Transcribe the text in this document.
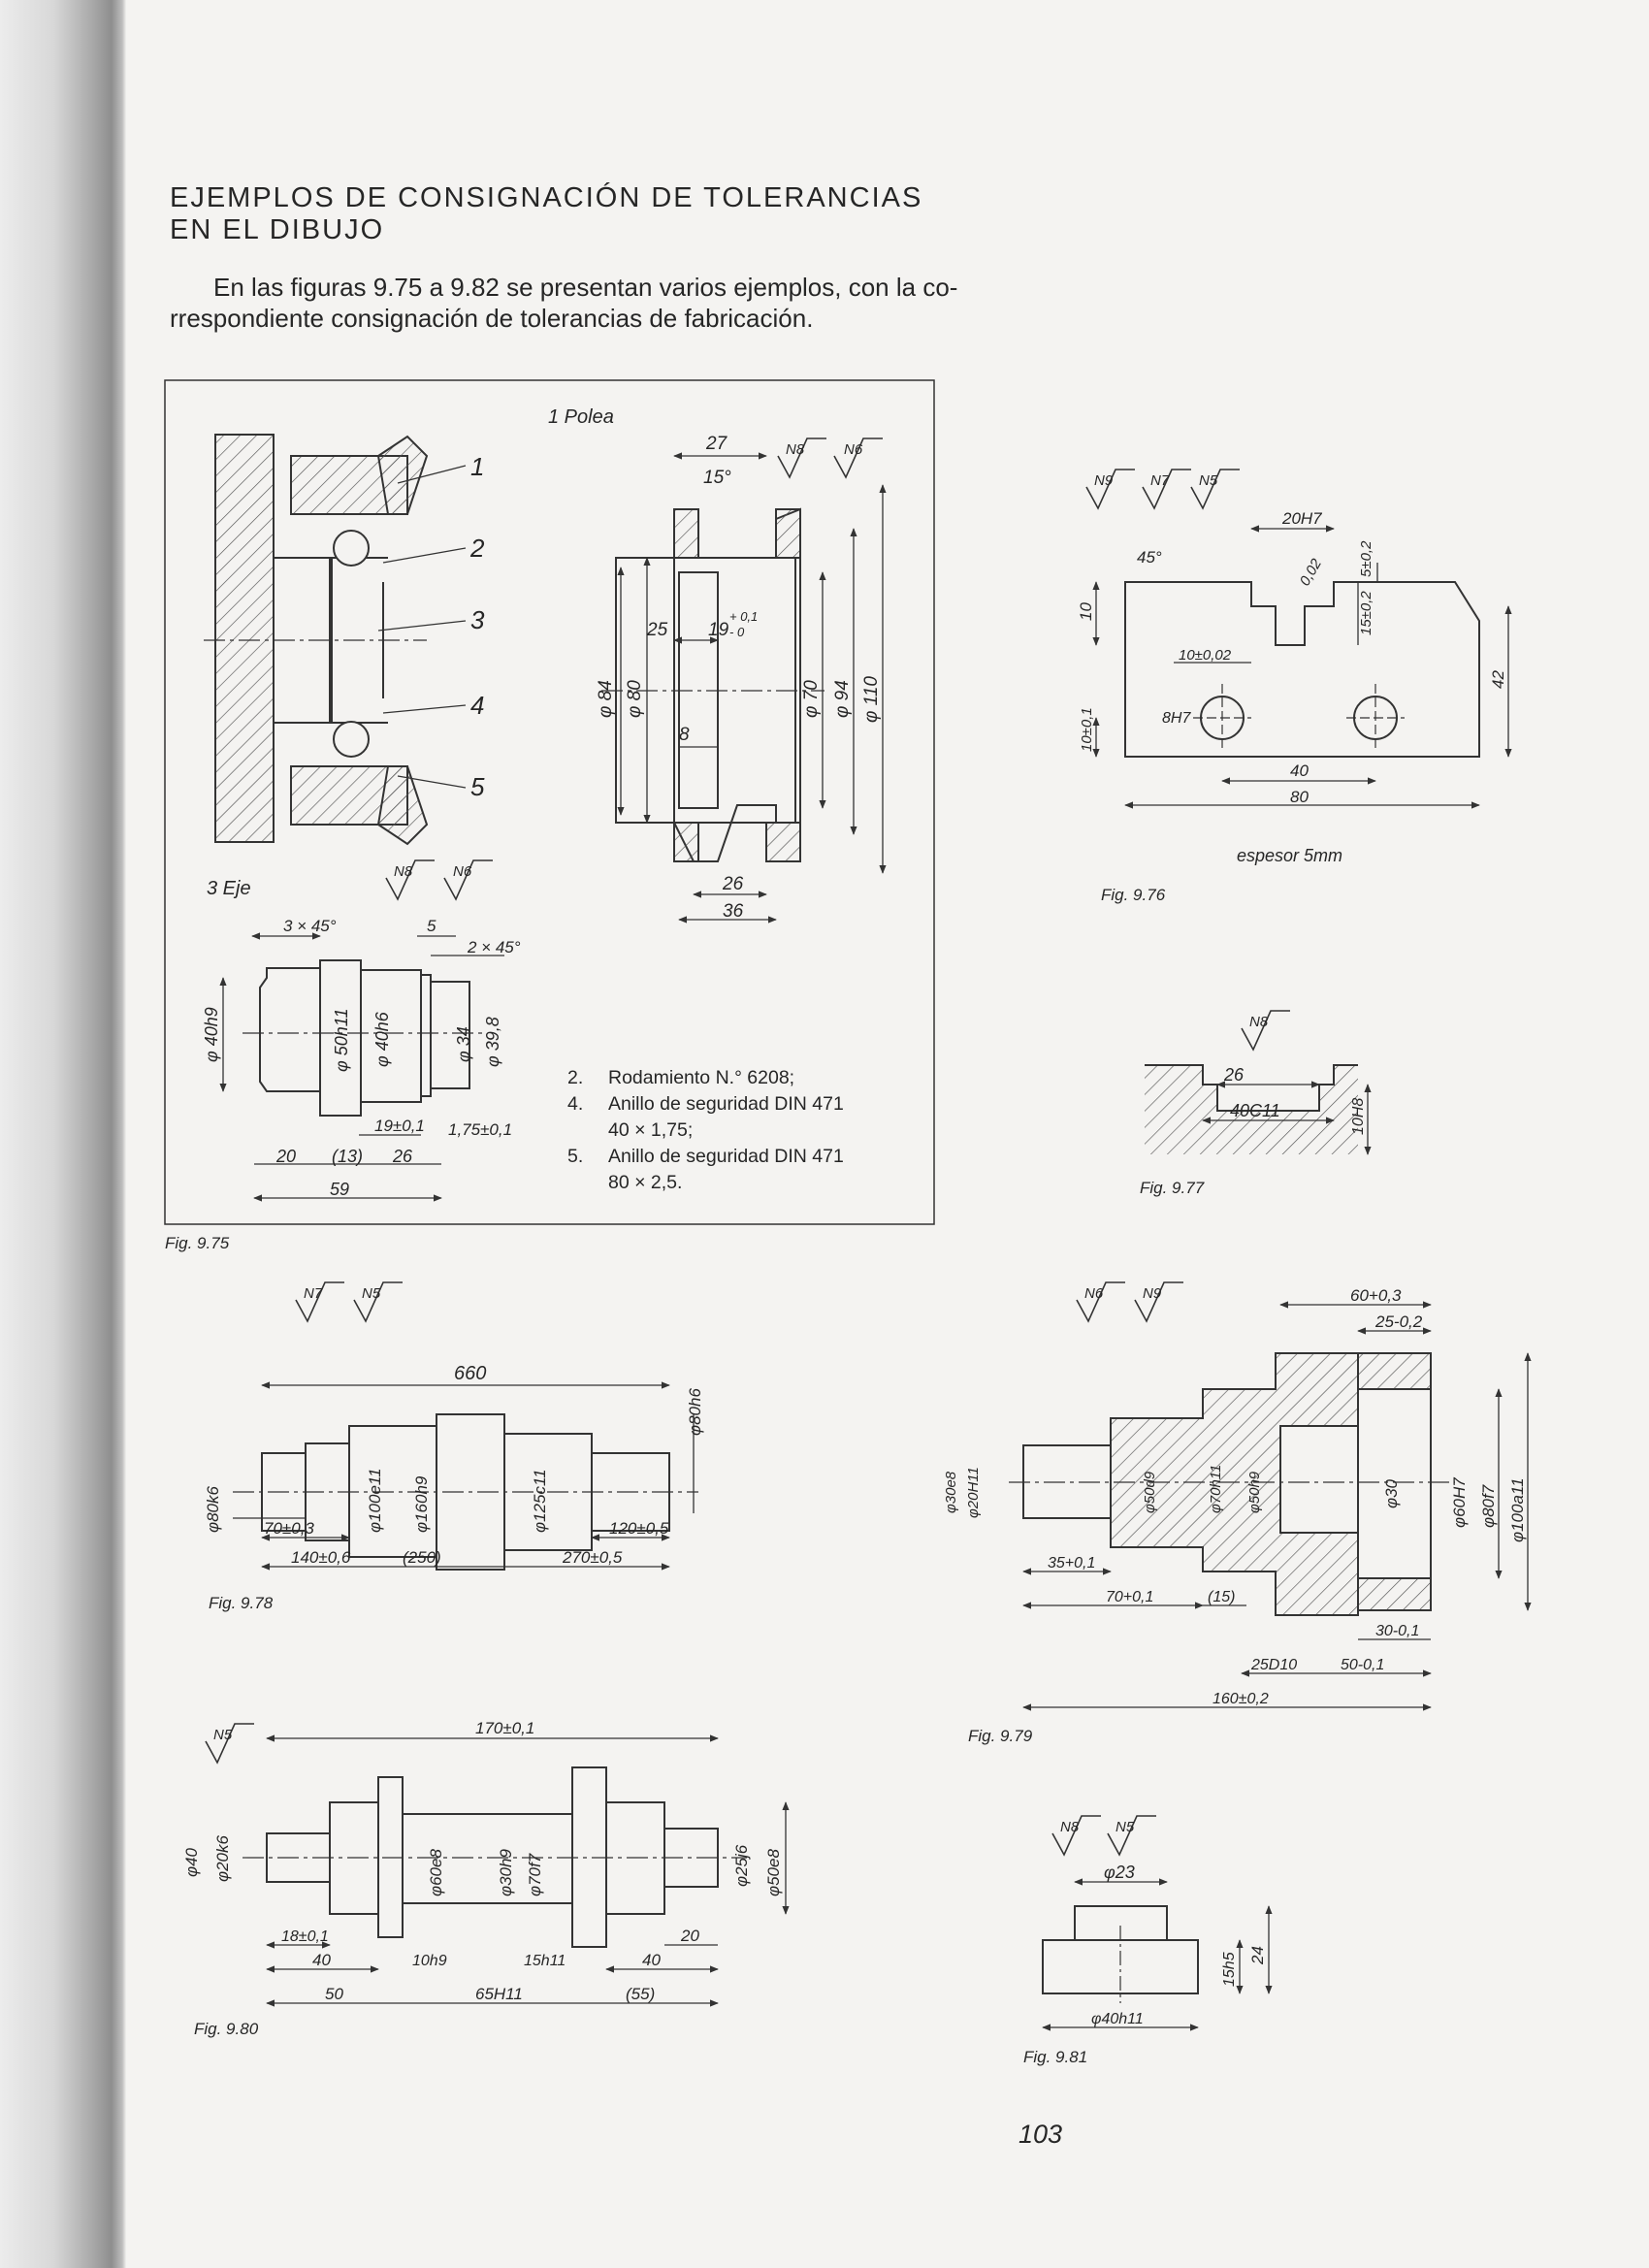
EJEMPLOS DE CONSIGNACIÓN DE TOLERANCIAS
EN EL DIBUJO

En las figuras 9.75 a 9.82 se presentan varios ejemplos, con la co-
rrespondiente consignación de tolerancias de fabricación.

1 Polea
1
2
3
4
5
27
15°
25 19
+ 0,1
- 0
8
φ 84 φ 80	φ 70 φ 94 φ 110
26
36
3 Eje
3 × 45°	5
2 × 45°
φ 40h9	φ 50h11 φ 40h6	φ 34 φ 39,8
19±0,1 1,75±0,1
20 (13) 26
59
Fig. 9.75
20H7
45°	0,02 5±0,2
15±0,2
10
10±0,02
8H7
10±0,1
42
40
80
espesor 5mm
Fig. 9.76
26
40C11	10H8
Fig. 9.77
660
φ80h6
φ80k6	φ100e11 φ160h9	φ125c11
70±0,3	120±0,5
140±0,6	(250)	270±0,5
Fig. 9.78
60+0,3
25-0,2
φ30e8 φ20H11	φ50d9	φ70h11 φ50h9	φ30	φ60H7 φ80f7 φ100a11
35+0,1
70+0,1	(15)
30-0,1
25D10	50-0,1
160±0,2
Fig. 9.79
170±0,1
φ40 φ20k6	φ60e8	φ30h9 φ70f7	φ25j6 φ50e8
18±0,1
40	10h9	15h11	40
20
50	65H11	(55)
Fig. 9.80
φ23
15h5 24
φ40h11
Fig. 9.81
N8	N6
N8	N6
N9	N7 N5
N8
N7	N5	N6	N9
N5
N8	N5
2.	Rodamiento N.° 6208;
4.	Anillo de seguridad DIN 471
40 × 1,75;
5.	Anillo de seguridad DIN 471
80 × 2,5.
103
